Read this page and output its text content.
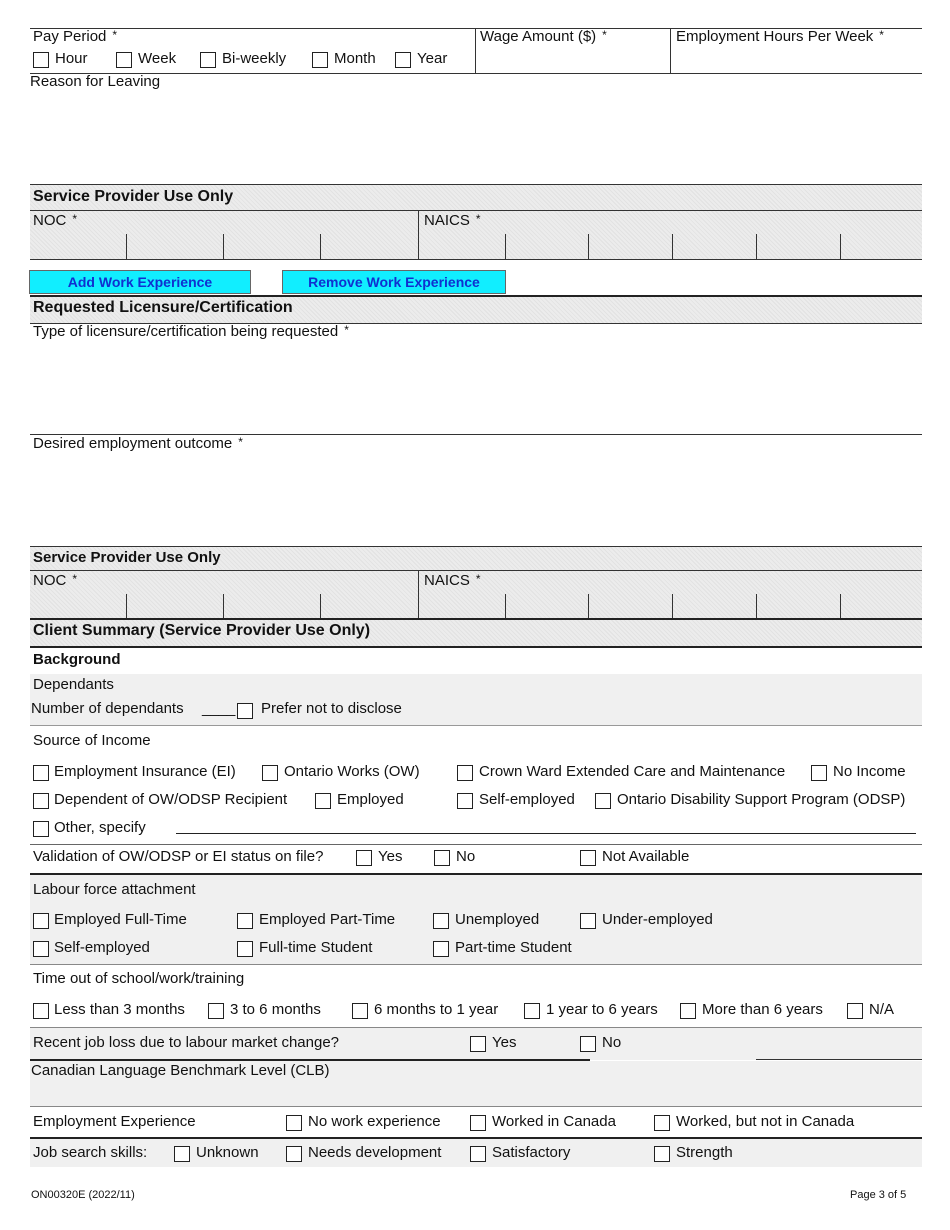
Pay Period *
Hour	Week	Bi-weekly	Month	Year
Wage Amount ($) *	Employment Hours Per Week *
Reason for Leaving
Service Provider Use Only
NOC *	NAICS *
Add Work Experience	Remove Work Experience
Requested Licensure/Certification
Type of licensure/certification being requested *
Desired employment outcome *
Service Provider Use Only
NOC *	NAICS *
Client Summary (Service Provider Use Only)
Background
Dependants
Number of dependants ____ Prefer not to disclose
Source of Income
Employment Insurance (EI)	Ontario Works (OW)	Crown Ward Extended Care and Maintenance	No Income
Dependent of OW/ODSP Recipient	Employed	Self-employed	Ontario Disability Support Program (ODSP)
Other, specify
Validation of OW/ODSP or EI status on file?	Yes	No	Not Available
Labour force attachment
Employed Full-Time	Employed Part-Time	Unemployed	Under-employed
Self-employed	Full-time Student	Part-time Student
Time out of school/work/training
Less than 3 months	3 to 6 months	6 months to 1 year	1 year to 6 years	More than 6 years	N/A
Recent job loss due to labour market change?	Yes	No
Canadian Language Benchmark Level (CLB)
Employment Experience	No work experience	Worked in Canada	Worked, but not in Canada
Job search skills:	Unknown	Needs development	Satisfactory	Strength
ON00320E (2022/11)	Page 3 of 5
